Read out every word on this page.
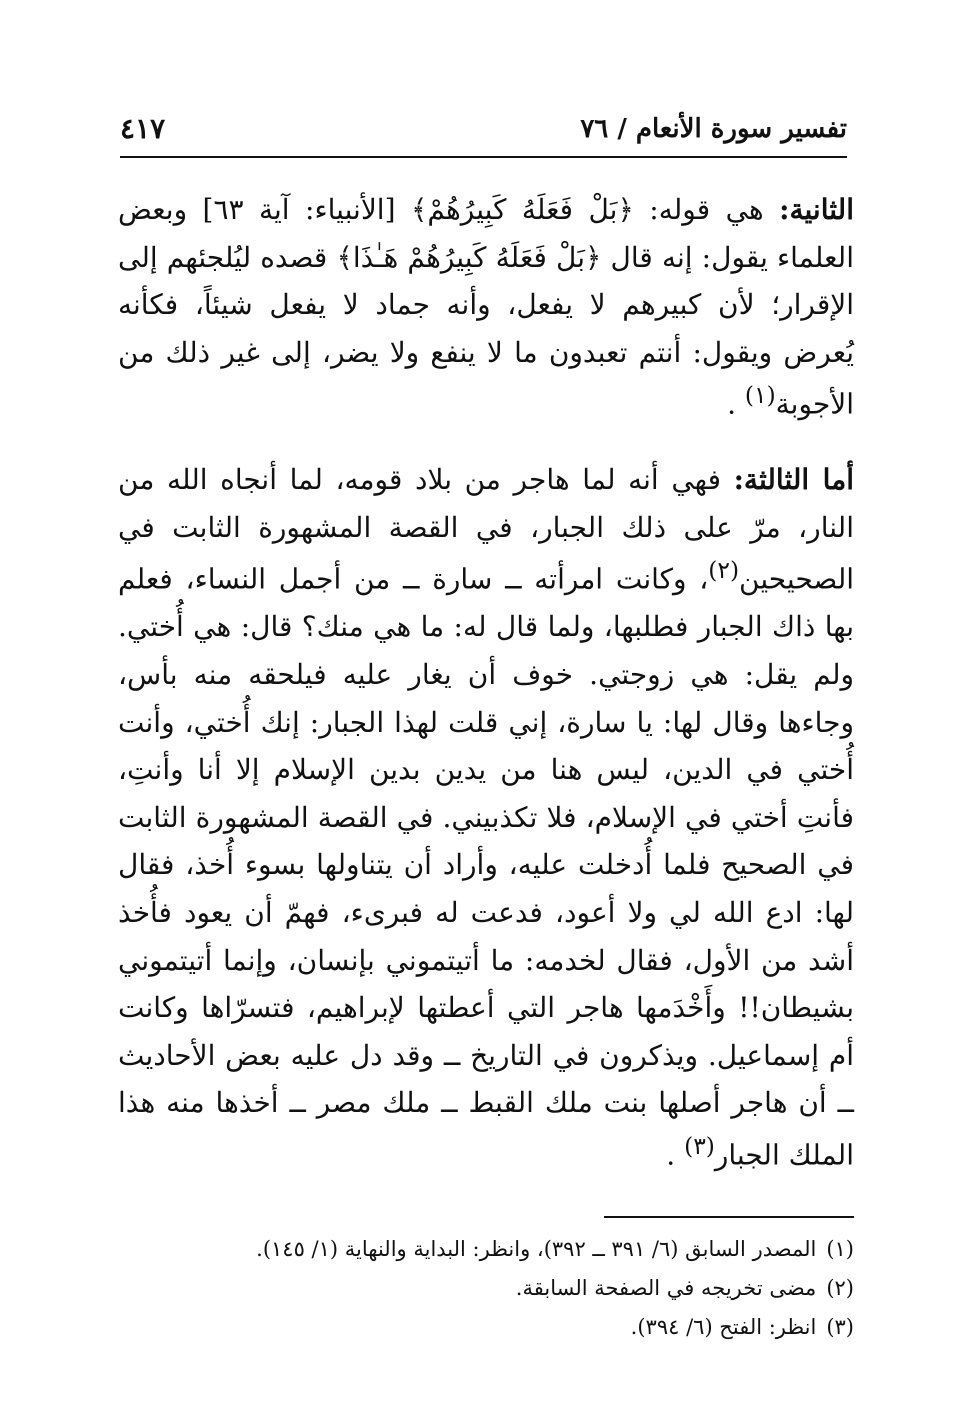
تفسير سورة الأنعام / ٧٦
٤١٧

الثانية: هي قوله: ﴿بَلْ فَعَلَهُ كَبِيرُهُمْ﴾ [الأنبياء: آية ٦٣] وبعض العلماء يقول: إنه قال ﴿بَلْ فَعَلَهُ كَبِيرُهُمْ هَـٰذَا﴾ قصده ليُلجئهم إلى الإقرار؛ لأن كبيرهم لا يفعل، وأنه جماد لا يفعل شيئاً، فكأنه يُعرض ويقول: أنتم تعبدون ما لا ينفع ولا يضر، إلى غير ذلك من الأجوبة$^{(١)}$ .

أما الثالثة: فهي أنه لما هاجر من بلاد قومه، لما أنجاه الله من النار، مرّ على ذلك الجبار، في القصة المشهورة الثابت في الصحيحين$^{(٢)}$، وكانت امرأته ــ سارة ــ من أجمل النساء، فعلم بها ذاك الجبار فطلبها، ولما قال له: ما هي منك؟ قال: هي أُختي. ولم يقل: هي زوجتي. خوف أن يغار عليه فيلحقه منه بأس، وجاءها وقال لها: يا سارة، إني قلت لهذا الجبار: إنك أُختي، وأنت أُختي في الدين، ليس هنا من يدين بدين الإسلام إلا أنا وأنتِ، فأنتِ أختي في الإسلام، فلا تكذبيني. في القصة المشهورة الثابت في الصحيح فلما أُدخلت عليه، وأراد أن يتناولها بسوء أُخذ، فقال لها: ادع الله لي ولا أعود، فدعت له فبرىء، فهمّ أن يعود فأُخذ أشد من الأول، فقال لخدمه: ما أتيتموني بإنسان، وإنما أتيتموني بشيطان!! وأَخْدَمها هاجر التي أعطتها لإبراهيم، فتسرّاها وكانت أم إسماعيل. ويذكرون في التاريخ ــ وقد دل عليه بعض الأحاديث ــ أن هاجر أصلها بنت ملك القبط ــ ملك مصر ــ أخذها منه هذا الملك الجبار$^{(٣)}$ .

(١)
المصدر السابق (٦/ ٣٩١ ــ ٣٩٢)، وانظر: البداية والنهاية (١/ ١٤٥).
(٢)
مضى تخريجه في الصفحة السابقة.
(٣)
انظر: الفتح (٦/ ٣٩٤).
